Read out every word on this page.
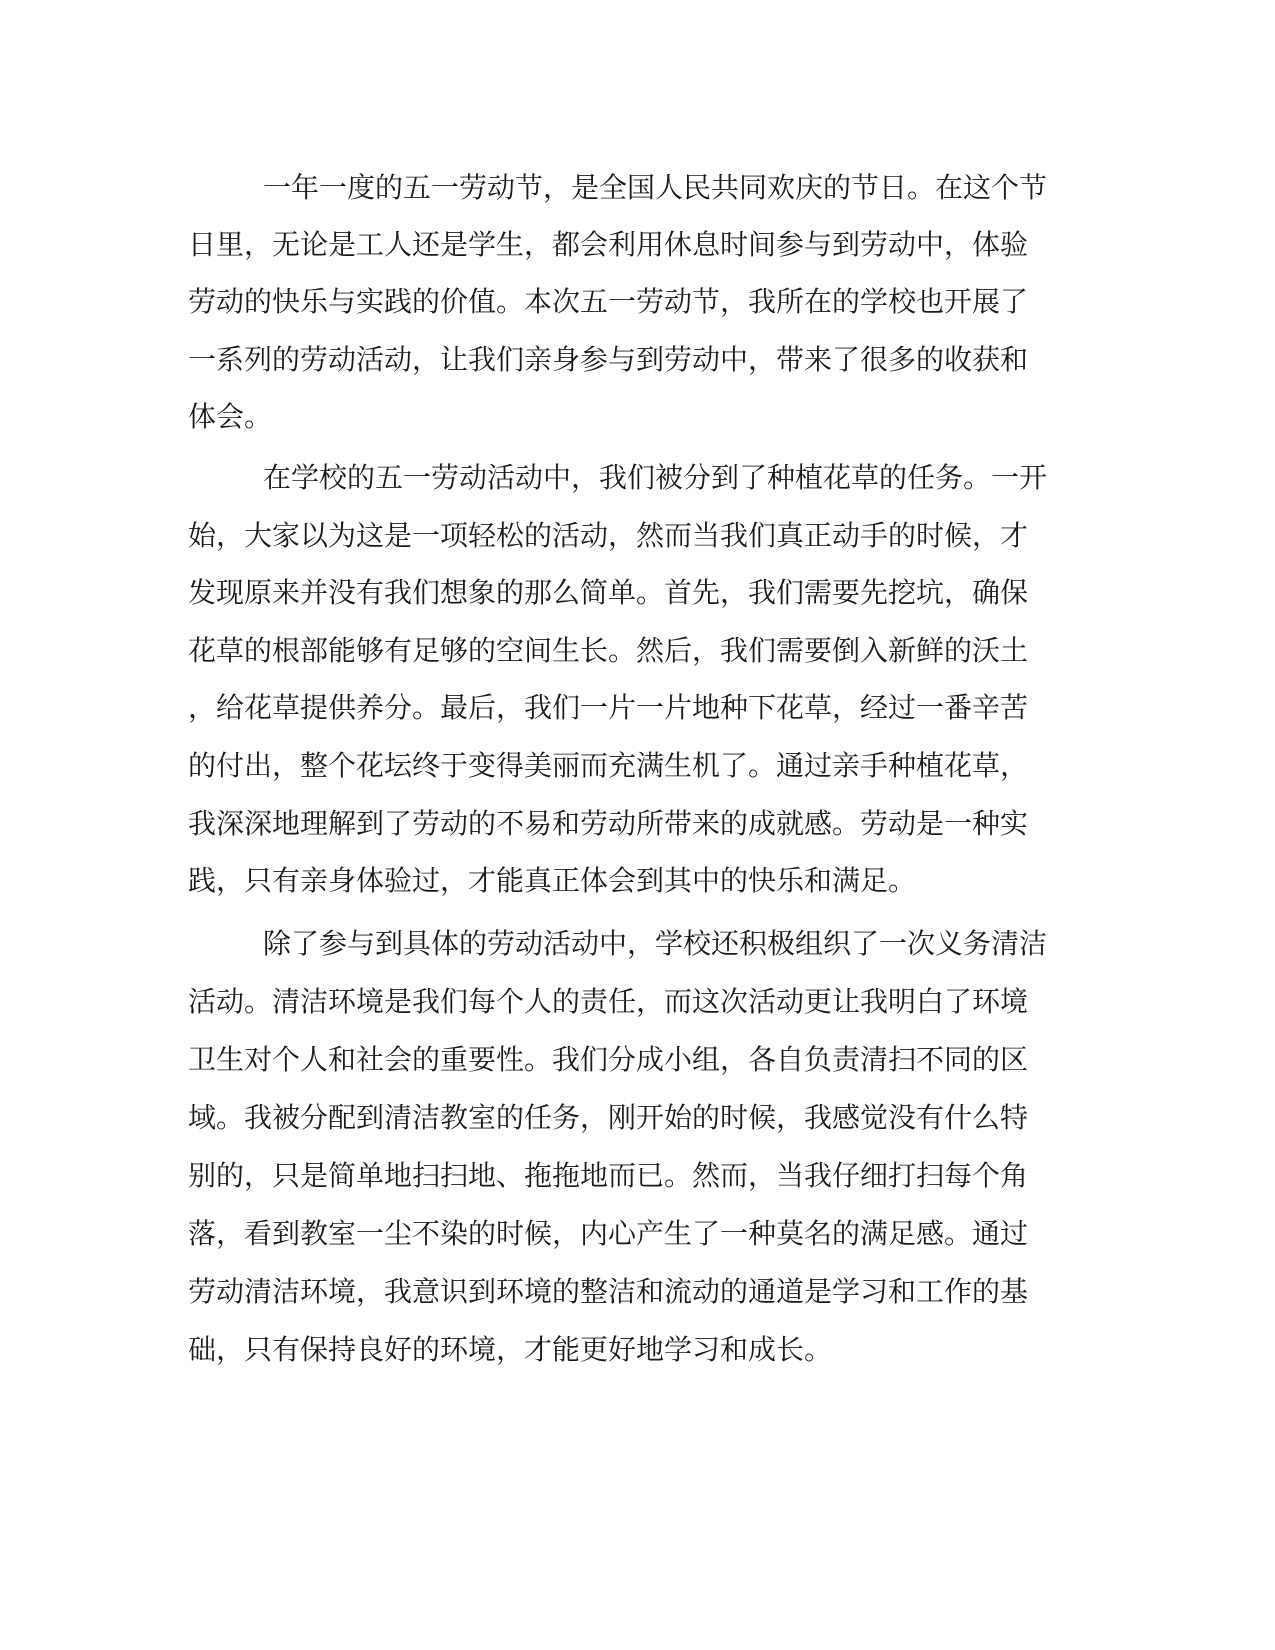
一年一度的五一劳动节，是全国人民共同欢庆的节日。在这个节
日里，无论是工人还是学生，都会利用休息时间参与到劳动中，体验
劳动的快乐与实践的价值。本次五一劳动节，我所在的学校也开展了
一系列的劳动活动，让我们亲身参与到劳动中，带来了很多的收获和
体会。
在学校的五一劳动活动中，我们被分到了种植花草的任务。一开
始，大家以为这是一项轻松的活动，然而当我们真正动手的时候，才
发现原来并没有我们想象的那么简单。首先，我们需要先挖坑，确保
花草的根部能够有足够的空间生长。然后，我们需要倒入新鲜的沃土
，给花草提供养分。最后，我们一片一片地种下花草，经过一番辛苦
的付出，整个花坛终于变得美丽而充满生机了。通过亲手种植花草，
我深深地理解到了劳动的不易和劳动所带来的成就感。劳动是一种实
践，只有亲身体验过，才能真正体会到其中的快乐和满足。
除了参与到具体的劳动活动中，学校还积极组织了一次义务清洁
活动。清洁环境是我们每个人的责任，而这次活动更让我明白了环境
卫生对个人和社会的重要性。我们分成小组，各自负责清扫不同的区
域。我被分配到清洁教室的任务，刚开始的时候，我感觉没有什么特
别的，只是简单地扫扫地、拖拖地而已。然而，当我仔细打扫每个角
落，看到教室一尘不染的时候，内心产生了一种莫名的满足感。通过
劳动清洁环境，我意识到环境的整洁和流动的通道是学习和工作的基
础，只有保持良好的环境，才能更好地学习和成长。
